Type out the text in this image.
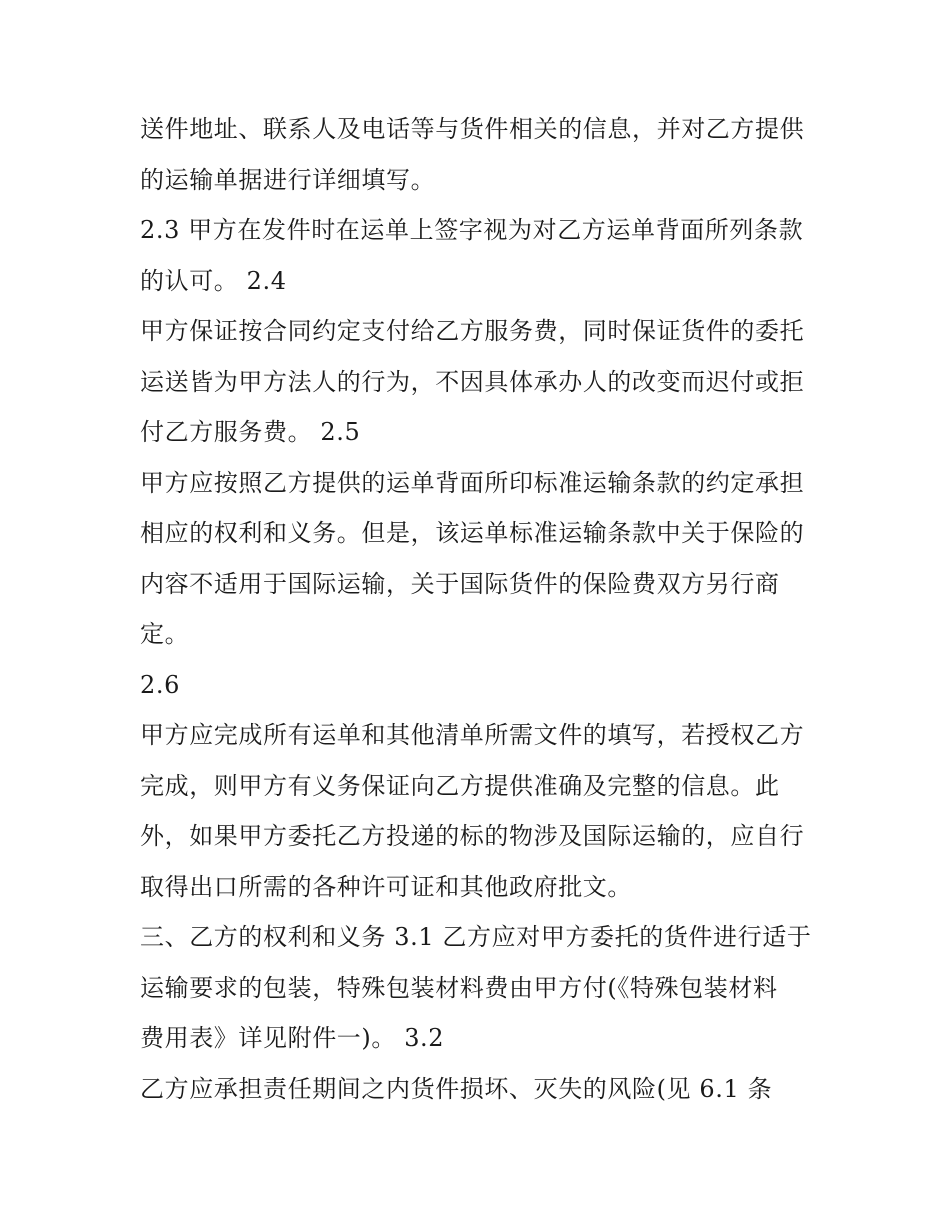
送件地址、联系人及电话等与货件相关的信息，并对乙方提供
的运输单据进行详细填写。
2.3 甲方在发件时在运单上签字视为对乙方运单背面所列条款
的认可。 2.4
甲方保证按合同约定支付给乙方服务费，同时保证货件的委托
运送皆为甲方法人的行为，不因具体承办人的改变而迟付或拒
付乙方服务费。 2.5
甲方应按照乙方提供的运单背面所印标准运输条款的约定承担
相应的权利和义务。但是，该运单标准运输条款中关于保险的
内容不适用于国际运输，关于国际货件的保险费双方另行商
定。
2.6
甲方应完成所有运单和其他清单所需文件的填写，若授权乙方
完成，则甲方有义务保证向乙方提供准确及完整的信息。此
外，如果甲方委托乙方投递的标的物涉及国际运输的，应自行
取得出口所需的各种许可证和其他政府批文。
三、乙方的权利和义务 3.1 乙方应对甲方委托的货件进行适于
运输要求的包装，特殊包装材料费由甲方付(《特殊包装材料
费用表》详见附件一)。 3.2
乙方应承担责任期间之内货件损坏、灭失的风险(见 6.1 条
